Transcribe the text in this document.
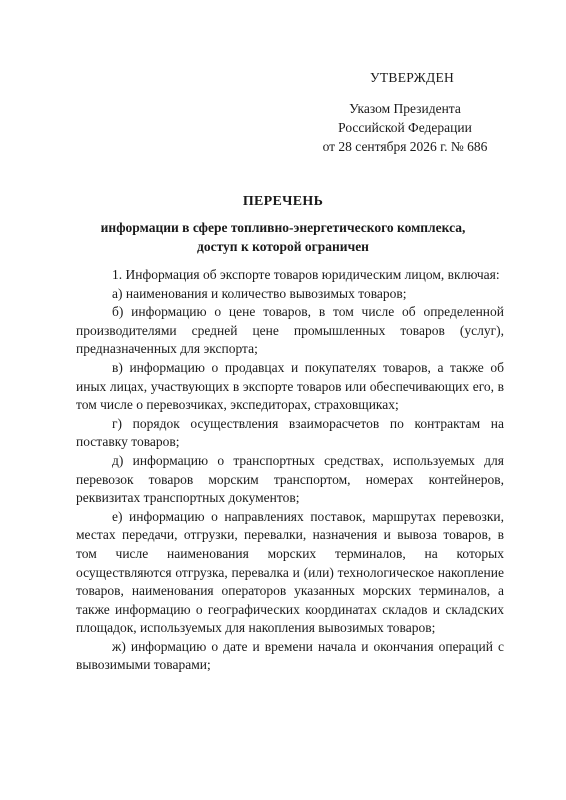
УТВЕРЖДЕН
Указом Президента
Российской Федерации
от 28 сентября 2026 г. № 686
ПЕРЕЧЕНЬ
информации в сфере топливно-энергетического комплекса,
доступ к которой ограничен

1. Информация об экспорте товаров юридическим лицом, включая:

а) наименования и количество вывозимых товаров;

б) информацию о цене товаров, в том числе об определенной производителями средней цене промышленных товаров (услуг), предназначенных для экспорта;

в) информацию о продавцах и покупателях товаров, а также об иных лицах, участвующих в экспорте товаров или обеспечивающих его, в том числе о перевозчиках, экспедиторах, страховщиках;

г) порядок осуществления взаиморасчетов по контрактам на поставку товаров;

д) информацию о транспортных средствах, используемых для перевозок товаров морским транспортом, номерах контейнеров, реквизитах транспортных документов;

е) информацию о направлениях поставок, маршрутах перевозки, местах передачи, отгрузки, перевалки, назначения и вывоза товаров, в том числе наименования морских терминалов, на которых осуществляются отгрузка, перевалка и (или) технологическое накопление товаров, наименования операторов указанных морских терминалов, а также информацию о географических координатах складов и складских площадок, используемых для накопления вывозимых товаров;

ж) информацию о дате и времени начала и окончания операций с вывозимыми товарами;
